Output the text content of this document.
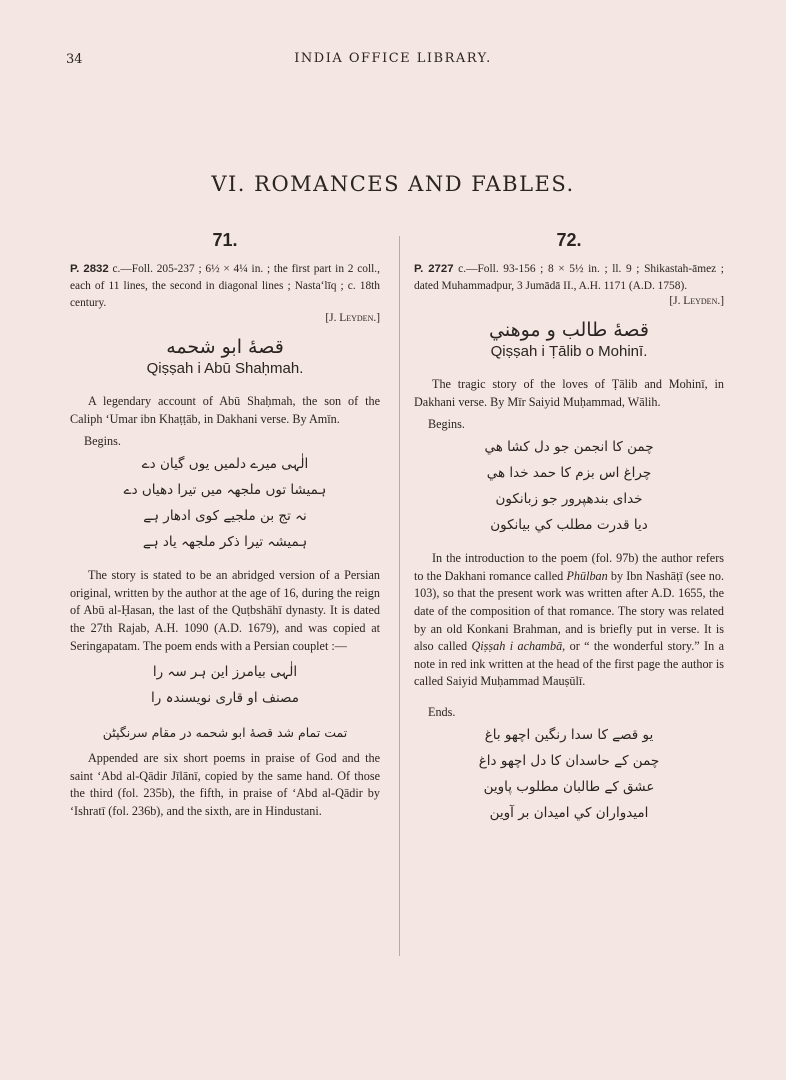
34	INDIA OFFICE LIBRARY.
VI. ROMANCES AND FABLES.
71.

P. 2832 c.—Foll. 205-237 ; 6½ × 4¼ in. ; the first part in 2 coll., each of 11 lines, the second in diagonal lines ; Nasta‘līq ; c. 18th century.

[J. Leyden.]

قصهٔ ابو شحمه
Qiṣṣah i Abū Shaḥmah.

A legendary account of Abū Shaḥmah, the son of the Caliph ‘Umar ibn Khaṭṭāb, in Dakhani verse. By Amīn.

Begins.

الٰہی میرے دلمیں یوں گیان دے

ہمیشا توں ملجھہ میں تیرا دھیاں دے

نہ تج بن ملجیے کوی ادھار ہے

ہمیشہ تیرا ذکر ملجھہ یاد ہے

The story is stated to be an abridged version of a Persian original, written by the author at the age of 16, during the reign of Abū al-Ḥasan, the last of the Quṭbshāhī dynasty. It is dated the 27th Rajab, A.H. 1090 (A.D. 1679), and was copied at Seringapatam. The poem ends with a Persian couplet :—

الٰہی بیامرز این ہر سہ را

مصنف او قاری نویسندہ را

تمت تمام شد قصهٔ ابو شحمه در مقام سرنگپٹن

Appended are six short poems in praise of God and the saint ‘Abd al-Qādir Jīlānī, copied by the same hand. Of those the third (fol. 235b), the fifth, in praise of ‘Abd al-Qādir by ‘Ishratī (fol. 236b), and the sixth, are in Hindustani.

72.

P. 2727 c.—Foll. 93-156 ; 8 × 5½ in. ; ll. 9 ; Shikastah-āmez ; dated Muhammadpur, 3 Jumādā II., A.H. 1171 (A.D. 1758).

[J. Leyden.]

قصهٔ طالب و موهني
Qiṣṣah i Ṭālib o Mohinī.

The tragic story of the loves of Ṭālib and Mohinī, in Dakhani verse. By Mīr Saiyid Muḥammad, Wālih.

Begins.

چمن کا انجمن جو دل کشا هي

چراغ اس بزم کا حمد خدا هي

خدای بندهپرور جو زبانکون

دیا قدرت مطلب کي بیانکون

In the introduction to the poem (fol. 97b) the author refers to the Dakhani romance called Phūlban by Ibn Nashāṭī (see no. 103), so that the present work was written after A.D. 1655, the date of the composition of that romance. The story was related by an old Konkani Brahman, and is briefly put in verse. It is also called Qiṣṣah i achambā, or “ the wonderful story.” In a note in red ink written at the head of the first page the author is called Saiyid Muḥammad Mauṣūlī.

Ends.

یو قصے کا سدا رنگین اچھو باغ

چمن کے حاسدان کا دل اچھو داغ

عشق کے طالبان مطلوب پاوین

امیدواران کي امیدان بر آوین
